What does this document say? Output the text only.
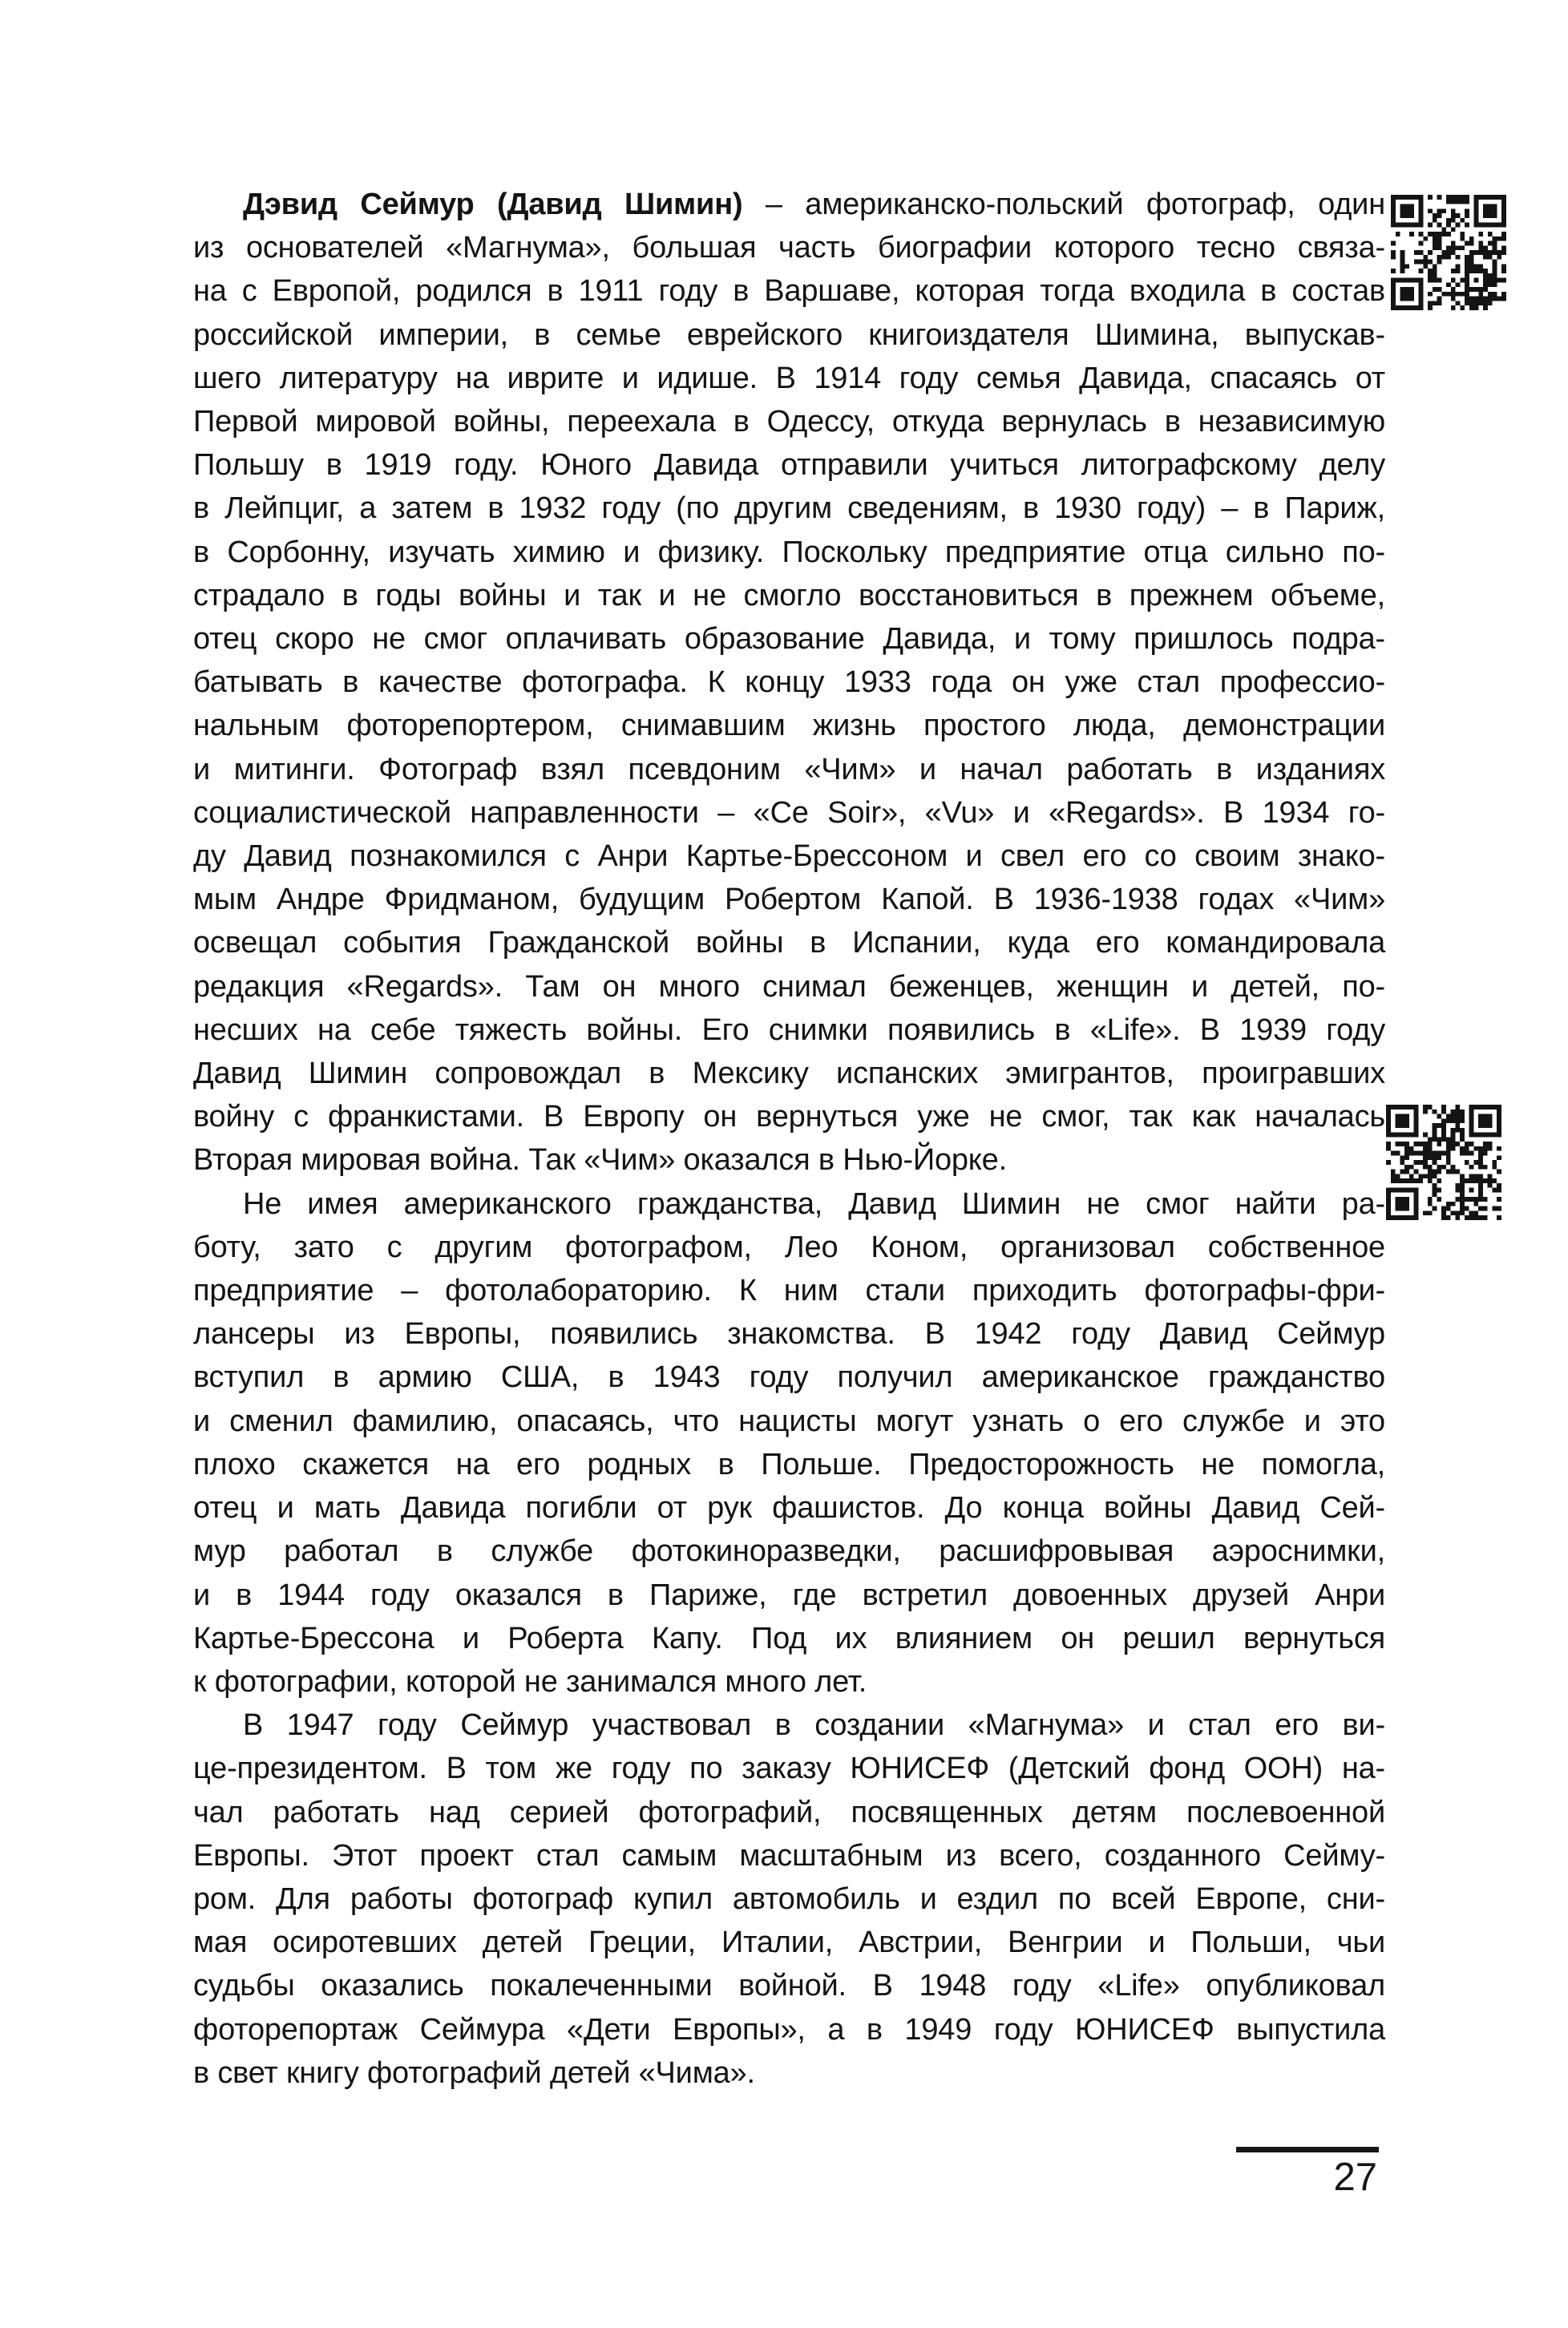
Дэвид Сеймур (Давид Шимин) – американско-польский фотограф, один
из основателей «Магнума», большая часть биографии которого тесно связа-
на с Европой, родился в 1911 году в Варшаве, которая тогда входила в состав
российской империи, в семье еврейского книгоиздателя Шимина, выпускав-
шего литературу на иврите и идише. В 1914 году семья Давида, спасаясь от
Первой мировой войны, переехала в Одессу, откуда вернулась в независимую
Польшу в 1919 году. Юного Давида отправили учиться литографскому делу
в Лейпциг, а затем в 1932 году (по другим сведениям, в 1930 году) – в Париж,
в Сорбонну, изучать химию и физику. Поскольку предприятие отца сильно по-
страдало в годы войны и так и не смогло восстановиться в прежнем объеме,
отец скоро не смог оплачивать образование Давида, и тому пришлось подра-
батывать в качестве фотографа. К концу 1933 года он уже стал профессио-
нальным фоторепортером, снимавшим жизнь простого люда, демонстрации
и митинги. Фотограф взял псевдоним «Чим» и начал работать в изданиях
социалистической направленности – «Ce Soir», «Vu» и «Regards». В 1934 го-
ду Давид познакомился с Анри Картье-Брессоном и свел его со своим знако-
мым Андре Фридманом, будущим Робертом Капой. В 1936-1938 годах «Чим»
освещал события Гражданской войны в Испании, куда его командировала
редакция «Regards». Там он много снимал беженцев, женщин и детей, по-
несших на себе тяжесть войны. Его снимки появились в «Life». В 1939 году
Давид Шимин сопровождал в Мексику испанских эмигрантов, проигравших
войну с франкистами. В Европу он вернуться уже не смог, так как началась
Вторая мировая война. Так «Чим» оказался в Нью-Йорке.
Не имея американского гражданства, Давид Шимин не смог найти ра-
боту, зато с другим фотографом, Лео Коном, организовал собственное
предприятие – фотолабораторию. К ним стали приходить фотографы-фри-
лансеры из Европы, появились знакомства. В 1942 году Давид Сеймур
вступил в армию США, в 1943 году получил американское гражданство
и сменил фамилию, опасаясь, что нацисты могут узнать о его службе и это
плохо скажется на его родных в Польше. Предосторожность не помогла,
отец и мать Давида погибли от рук фашистов. До конца войны Давид Сей-
мур работал в службе фотокиноразведки, расшифровывая аэроснимки,
и в 1944 году оказался в Париже, где встретил довоенных друзей Анри
Картье-Брессона и Роберта Капу. Под их влиянием он решил вернуться
к фотографии, которой не занимался много лет.
В 1947 году Сеймур участвовал в создании «Магнума» и стал его ви-
це-президентом. В том же году по заказу ЮНИСЕФ (Детский фонд ООН) на-
чал работать над серией фотографий, посвященных детям послевоенной
Европы. Этот проект стал самым масштабным из всего, созданного Сейму-
ром. Для работы фотограф купил автомобиль и ездил по всей Европе, сни-
мая осиротевших детей Греции, Италии, Австрии, Венгрии и Польши, чьи
судьбы оказались покалеченными войной. В 1948 году «Life» опубликовал
фоторепортаж Сеймура «Дети Европы», а в 1949 году ЮНИСЕФ выпустила
в свет книгу фотографий детей «Чима».
27
